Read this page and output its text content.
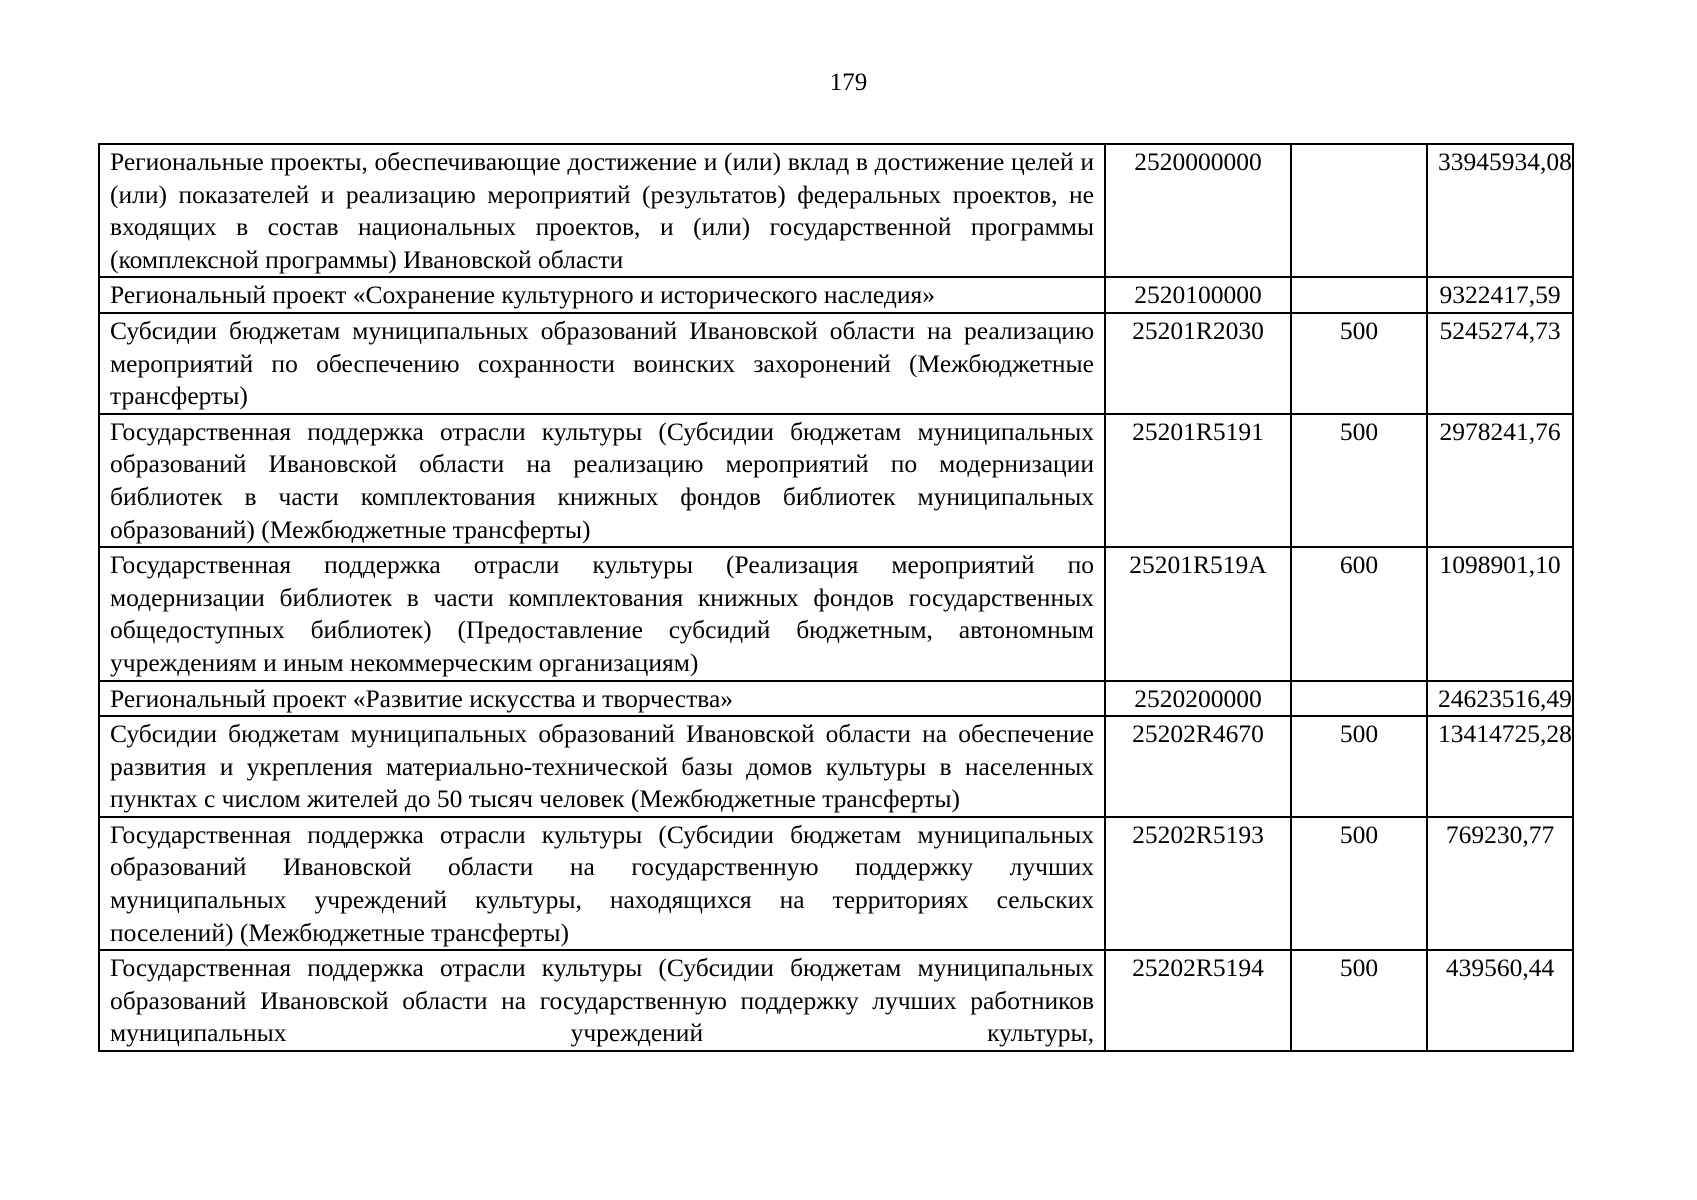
179
Региональные проекты, обеспечивающие достижение и (или) вклад в достижение целей и (или) показателей и реализацию мероприятий (результатов) федеральных проектов, не входящих в состав национальных проектов, и (или) государственной программы (комплексной программы) Ивановской области	2520000000		33945934,08
Региональный проект «Сохранение культурного и исторического наследия»	2520100000		9322417,59
Субсидии бюджетам муниципальных образований Ивановской области на реализацию мероприятий по обеспечению сохранности воинских захоронений (Межбюджетные трансферты)	25201R2030	500	5245274,73
Государственная поддержка отрасли культуры (Субсидии бюджетам муниципальных образований Ивановской области на реализацию мероприятий по модернизации библиотек в части комплектования книжных фондов библиотек муниципальных образований) (Межбюджетные трансферты)	25201R5191	500	2978241,76
Государственная поддержка отрасли культуры (Реализация мероприятий по модернизации библиотек в части комплектования книжных фондов государственных общедоступных библиотек) (Предоставление субсидий бюджетным, автономным учреждениям и иным некоммерческим организациям)	25201R519А	600	1098901,10
Региональный проект «Развитие искусства и творчества»	2520200000		24623516,49
Субсидии бюджетам муниципальных образований Ивановской области на обеспечение развития и укрепления материально-технической базы домов культуры в населенных пунктах с числом жителей до 50 тысяч человек (Межбюджетные трансферты)	25202R4670	500	13414725,28
Государственная поддержка отрасли культуры (Субсидии бюджетам муниципальных образований Ивановской области на государственную поддержку лучших муниципальных учреждений культуры, находящихся на территориях сельских поселений) (Межбюджетные трансферты)	25202R5193	500	769230,77
Государственная поддержка отрасли культуры (Субсидии бюджетам муниципальных образований Ивановской области на государственную поддержку лучших работников муниципальных учреждений культуры,	25202R5194	500	439560,44
